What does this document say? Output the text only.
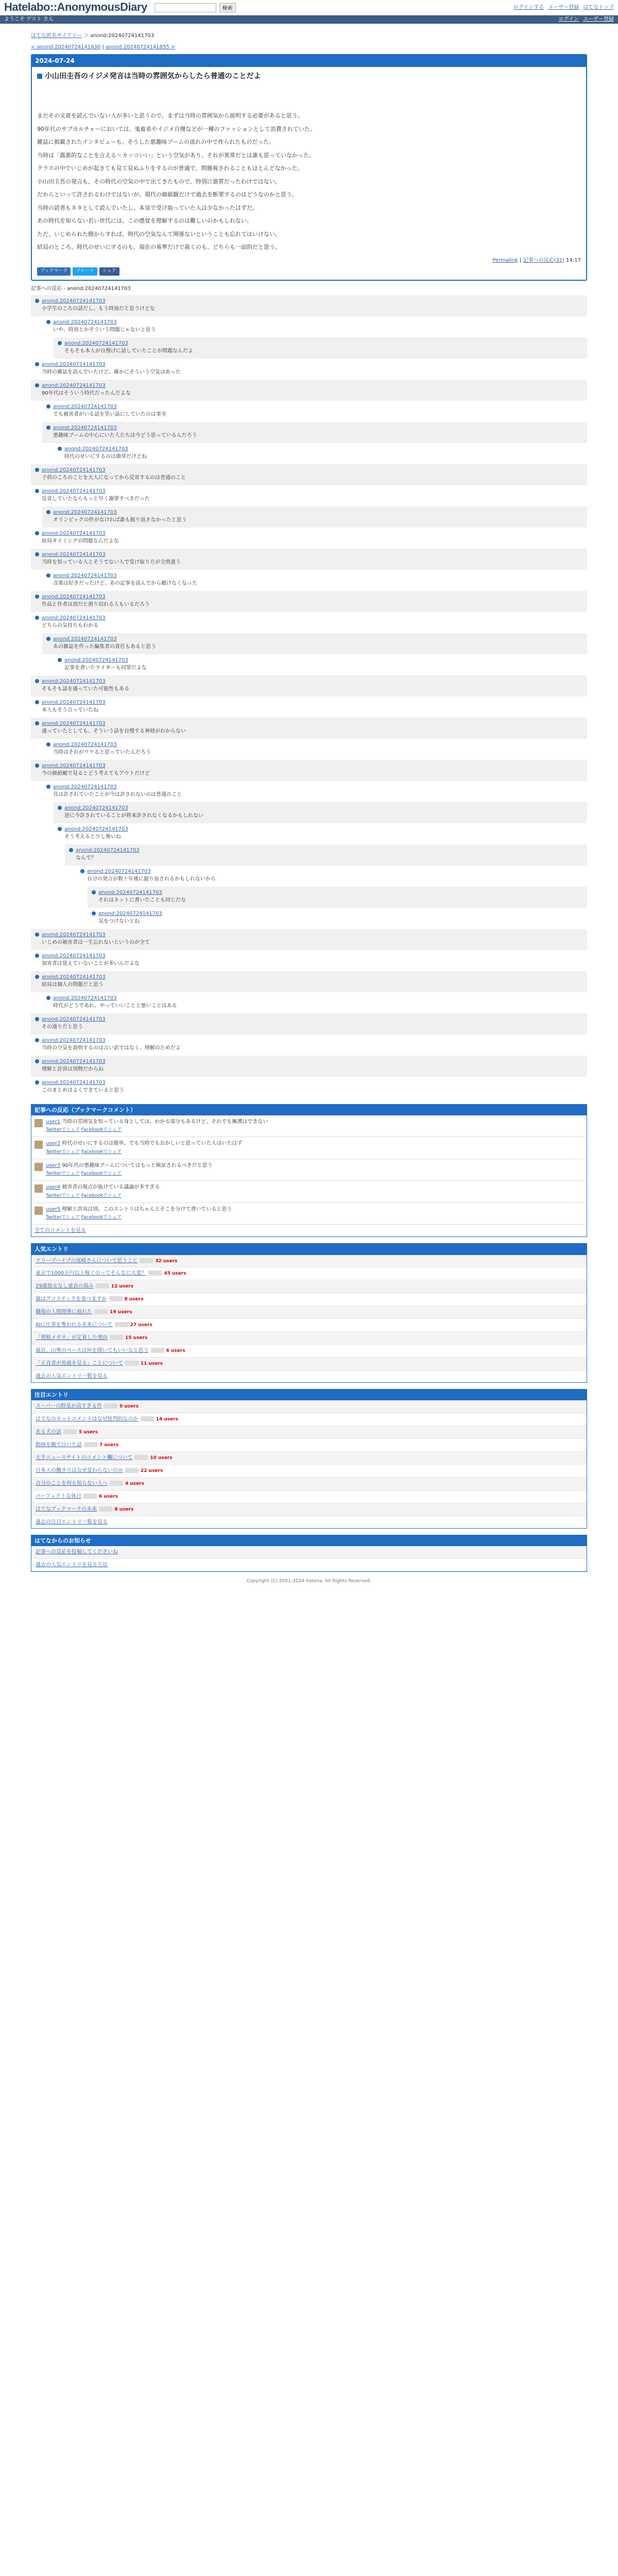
Hatelabo::AnonymousDiary	検索	ログインする ユーザー登録 はてなトップ
ようこそ ゲスト さん	ログイン ユーザー登録
はてな匿名ダイアリー ＞ anond:20240724141703
< anond:20240724141630 | anond:20240724141855 >
2024-07-24
小山田圭吾のイジメ発言は当時の雰囲気からしたら普通のことだよ

まだその文章を読んでいない人が多いと思うので、まずは当時の雰囲気から説明する必要があると思う。

90年代のサブカルチャーにおいては、鬼畜系やイジメ自慢などが一種のファッションとして消費されていた。

雑誌に掲載されたインタビューも、そうした悪趣味ブームの流れの中で作られたものだった。

当時は「露悪的なことを言える＝カッコいい」という空気があり、それが異常だとは誰も思っていなかった。

クラスの中でいじめが起きても見て見ぬふりをするのが普通で、問題視されることもほとんどなかった。

小山田圭吾の発言も、その時代の空気の中で出てきたもので、特別に悪質だったわけではない。

だからといって許されるわけではないが、現代の価値観だけで過去を断罪するのはどうなのかと思う。

当時の読者もネタとして読んでいたし、本気で受け取っていた人は少なかったはずだ。

あの時代を知らない若い世代には、この感覚を理解するのは難しいのかもしれない。

ただ、いじめられた側からすれば、時代の空気なんて関係ないということも忘れてはいけない。

結局のところ、時代のせいにするのも、現在の基準だけで裁くのも、どちらも一面的だと思う。

Permalink | 記事への反応(32) 14:17
ブックマーク	ツイート	シェア
記事への反応 - anond:20240724141703
anond:20240724141703
小学生のころの話だし、もう時効だと思うけどな
anond:20240724141703
いや、時効とかそういう問題じゃないと思う
anond:20240724141703
そもそも本人が自慢げに話していたことが問題なんだよ
anond:20240724141703
当時の雑誌を読んでいたけど、確かにそういう空気はあった
anond:20240724141703
90年代はそういう時代だったんだよな
anond:20240724141703
でも被害者がいる話を笑い話にしていたのは事実
anond:20240724141703
悪趣味ブームの中心にいた人たちは今どう思っているんだろう
anond:20240724141703
時代のせいにするのは簡単だけどね
anond:20240724141703
子供のころのことを大人になってから反省するのは普通のこと
anond:20240724141703
反省していたならもっと早く謝罪すべきだった
anond:20240724141703
オリンピックの件がなければ誰も掘り返さなかったと思う
anond:20240724141703
結局タイミングの問題なんだよな
anond:20240724141703
当時を知っている人とそうでない人で受け取り方が全然違う
anond:20240724141703
音楽は好きだったけど、あの記事を読んでから聴けなくなった
anond:20240724141703
作品と作者は別だと割り切れる人もいるだろう
anond:20240724141703
どちらの気持ちもわかる
anond:20240724141703
あの雑誌を作った編集者の責任もあると思う
anond:20240724141703
記事を書いたライターも同罪だよな
anond:20240724141703
そもそも話を盛っていた可能性もある
anond:20240724141703
本人もそう言っていたね
anond:20240724141703
盛っていたとしても、そういう話を自慢する神経がわからない
anond:20240724141703
当時はそれがウケると思っていたんだろう
anond:20240724141703
今の価値観で見るとどう考えてもアウトだけど
anond:20240724141703
昔は許されていたことが今は許されないのは普通のこと
anond:20240724141703
逆に今許されていることが将来許されなくなるかもしれない
anond:20240724141703
そう考えると少し怖いね
anond:20240724141703
なんで？
anond:20240724141703
自分の発言が数十年後に掘り返されるかもしれないから
anond:20240724141703
それはネットに書いたことも同じだな
anond:20240724141703
気をつけないとね
anond:20240724141703
いじめの被害者は一生忘れないというのが全て
anond:20240724141703
加害者は覚えていないことが多いんだよな
anond:20240724141703
結局は個人の問題だと思う
anond:20240724141703
時代がどうであれ、やっていいことと悪いことはある
anond:20240724141703
その通りだと思う
anond:20240724141703
当時の空気を説明するのは言い訳ではなく、理解のためだよ
anond:20240724141703
理解と許容は別物だからね
anond:20240724141703
このまとめはよくできていると思う
記事への反応（ブックマークコメント）
user1 当時の雰囲気を知っている身としては、わかる部分もあるけど、それでも擁護はできない
Twitterでシェア Facebookでシェア
user2 時代のせいにするのは簡単。でも当時でもおかしいと思っていた人はいたはず
Twitterでシェア Facebookでシェア
user3 90年代の悪趣味ブームについてはもっと検証されるべきだと思う
Twitterでシェア Facebookでシェア
user4 被害者の視点が抜けている議論が多すぎる
Twitterでシェア Facebookでシェア
user5 理解と許容は別。このエントリはちゃんとそこを分けて書いていると思う
Twitterでシェア Facebookでシェア
全てのコメントを見る
人気エントリ
クリープハイプの尾崎さんについて思うこと	32 users
東京で1000万円以上稼ぐのってそんなに大変？	45 users
29歳彼女なし童貞の悩み	12 users
猫はアコスティクを食べますか	8 users
職場の人間関係に疲れた	19 users
AIに仕事を奪われる未来について	27 users
「増税メガネ」が定着した理由	15 users
最近、山奥のペースは何を聞いてもいいなと思う	6 users
「正直者が馬鹿を見る」ことについて	11 users
過去の人気エントリ一覧を見る
注目エントリ
スーパーの野菜が高すぎる件	9 users
はてなのネットコメントはなぜ批判的なのか	14 users
ある犬の話	5 users
動画を観て泣いた話	7 users
大手ニュースサイトのコメント欄について	10 users
日本人の働き方はなぜ変わらないのか	22 users
自分のことを何も知らない人へ	4 users
パーフェクトな休日	6 users
はてなブックマークの未来	8 users
過去の注目エントリ一覧を見る
はてなからのお知らせ
記事への反応を投稿してくださいね
過去の人気エントリを見る方法
Copyright (C) 2001-2024 hatena. All Rights Reserved.
